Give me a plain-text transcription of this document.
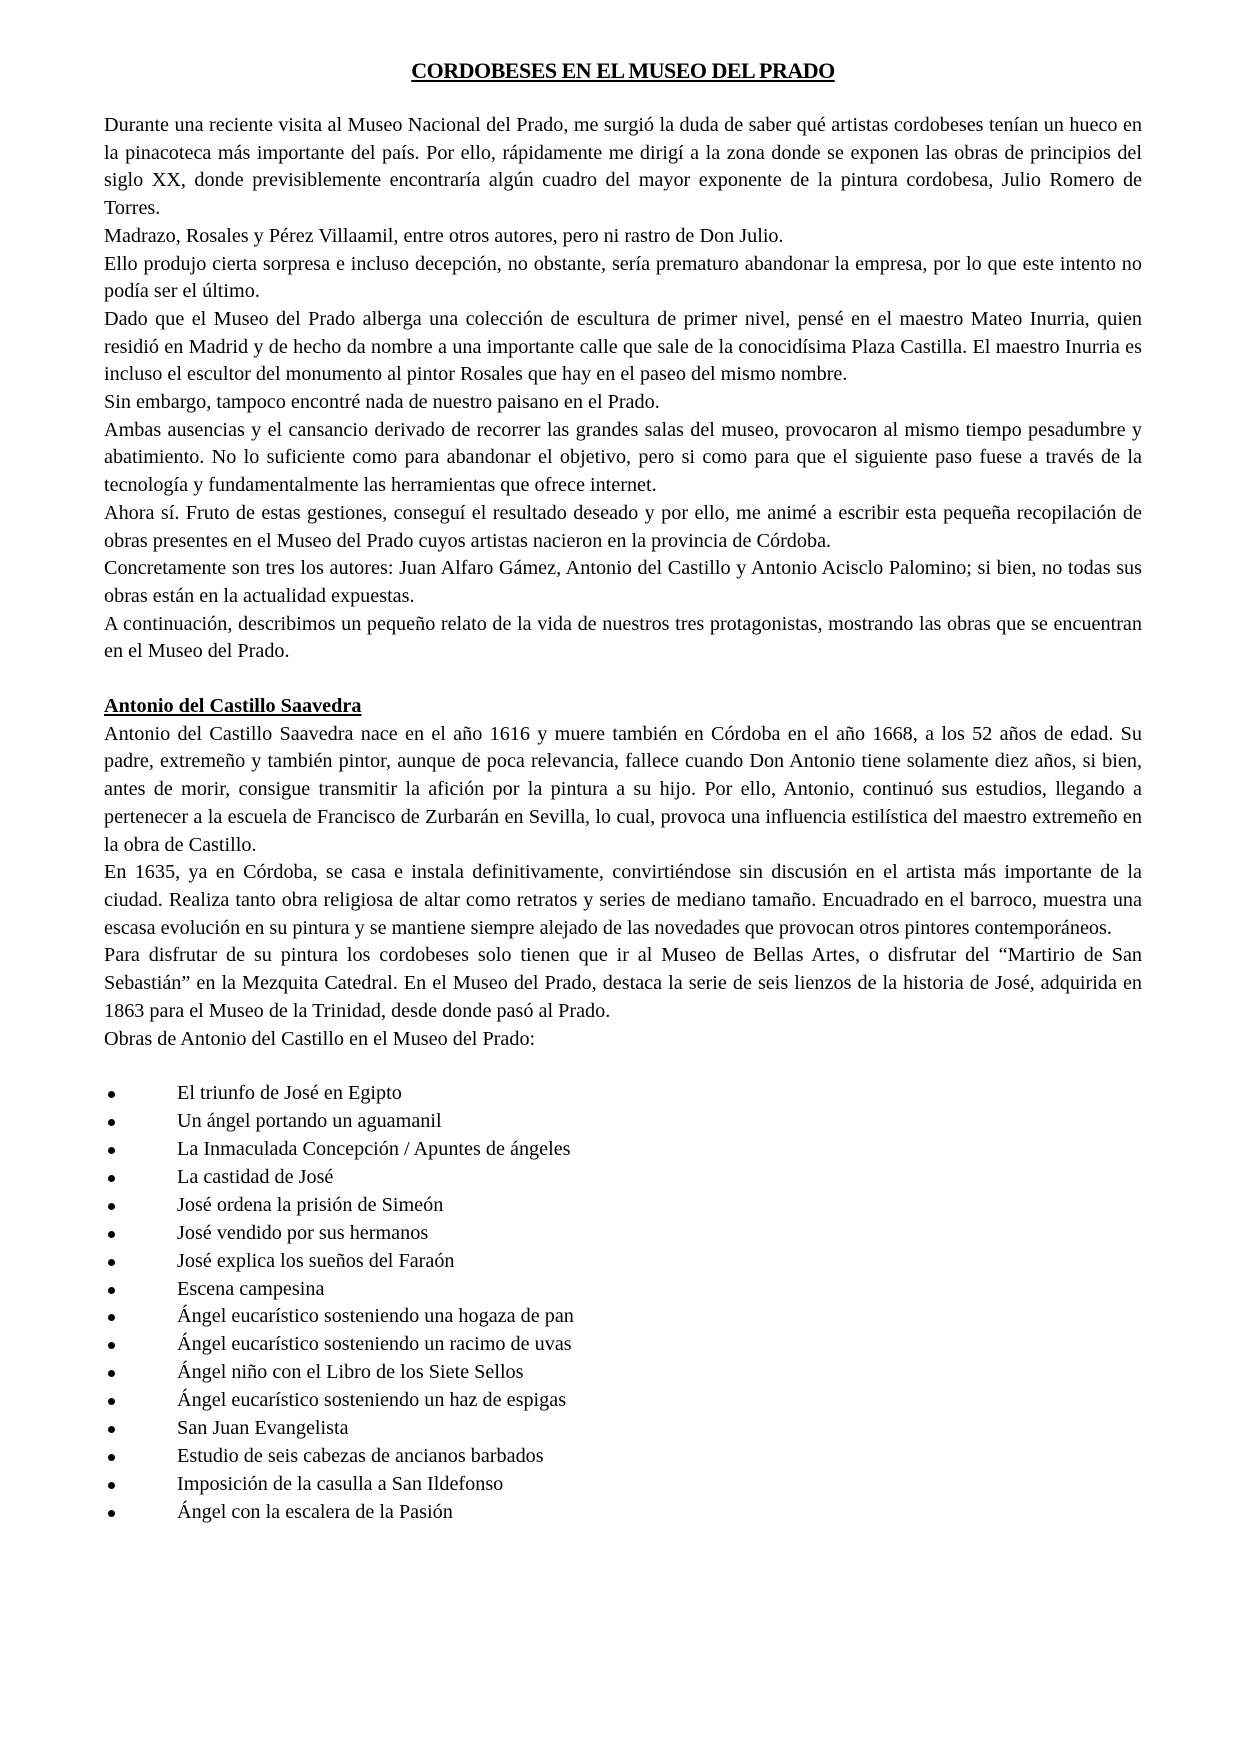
CORDOBESES EN EL MUSEO DEL PRADO

Durante una reciente visita al Museo Nacional del Prado, me surgió la duda de saber qué artistas cordobeses tenían un hueco en la pinacoteca más importante del país. Por ello, rápidamente me dirigí a la zona donde se exponen las obras de principios del siglo XX, donde previsiblemente encontraría algún cuadro del mayor exponente de la pintura cordobesa, Julio Romero de Torres.

Madrazo, Rosales y Pérez Villaamil, entre otros autores, pero ni rastro de Don Julio.

Ello produjo cierta sorpresa e incluso decepción, no obstante, sería prematuro abandonar la empresa, por lo que este intento no podía ser el último.

Dado que el Museo del Prado alberga una colección de escultura de primer nivel, pensé en el maestro Mateo Inurria, quien residió en Madrid y de hecho da nombre a una importante calle que sale de la conocidísima Plaza Castilla. El maestro Inurria es incluso el escultor del monumento al pintor Rosales que hay en el paseo del mismo nombre.

Sin embargo, tampoco encontré nada de nuestro paisano en el Prado.

Ambas ausencias y el cansancio derivado de recorrer las grandes salas del museo, provocaron al mismo tiempo pesadumbre y abatimiento. No lo suficiente como para abandonar el objetivo, pero si como para que el siguiente paso fuese a través de la tecnología y fundamentalmente las herramientas que ofrece internet.

Ahora sí. Fruto de estas gestiones, conseguí el resultado deseado y por ello, me animé a escribir esta pequeña recopilación de obras presentes en el Museo del Prado cuyos artistas nacieron en la provincia de Córdoba.

Concretamente son tres los autores: Juan Alfaro Gámez, Antonio del Castillo y Antonio Acisclo Palomino; si bien, no todas sus obras están en la actualidad expuestas.

A continuación, describimos un pequeño relato de la vida de nuestros tres protagonistas, mostrando las obras que se encuentran en el Museo del Prado.

Antonio del Castillo Saavedra

Antonio del Castillo Saavedra nace en el año 1616 y muere también en Córdoba en el año 1668, a los 52 años de edad. Su padre, extremeño y también pintor, aunque de poca relevancia, fallece cuando Don Antonio tiene solamente diez años, si bien, antes de morir, consigue transmitir la afición por la pintura a su hijo. Por ello, Antonio, continuó sus estudios, llegando a pertenecer a la escuela de Francisco de Zurbarán en Sevilla, lo cual, provoca una influencia estilística del maestro extremeño en la obra de Castillo.

En 1635, ya en Córdoba, se casa e instala definitivamente, convirtiéndose sin discusión en el artista más importante de la ciudad. Realiza tanto obra religiosa de altar como retratos y series de mediano tamaño. Encuadrado en el barroco, muestra una escasa evolución en su pintura y se mantiene siempre alejado de las novedades que provocan otros pintores contemporáneos.

Para disfrutar de su pintura los cordobeses solo tienen que ir al Museo de Bellas Artes, o disfrutar del “Martirio de San Sebastián” en la Mezquita Catedral. En el Museo del Prado, destaca la serie de seis lienzos de la historia de José, adquirida en 1863 para el Museo de la Trinidad, desde donde pasó al Prado.

Obras de Antonio del Castillo en el Museo del Prado:

El triunfo de José en Egipto
Un ángel portando un aguamanil
La Inmaculada Concepción / Apuntes de ángeles
La castidad de José
José ordena la prisión de Simeón
José vendido por sus hermanos
José explica los sueños del Faraón
Escena campesina
Ángel eucarístico sosteniendo una hogaza de pan
Ángel eucarístico sosteniendo un racimo de uvas
Ángel niño con el Libro de los Siete Sellos
Ángel eucarístico sosteniendo un haz de espigas
San Juan Evangelista
Estudio de seis cabezas de ancianos barbados
Imposición de la casulla a San Ildefonso
Ángel con la escalera de la Pasión
